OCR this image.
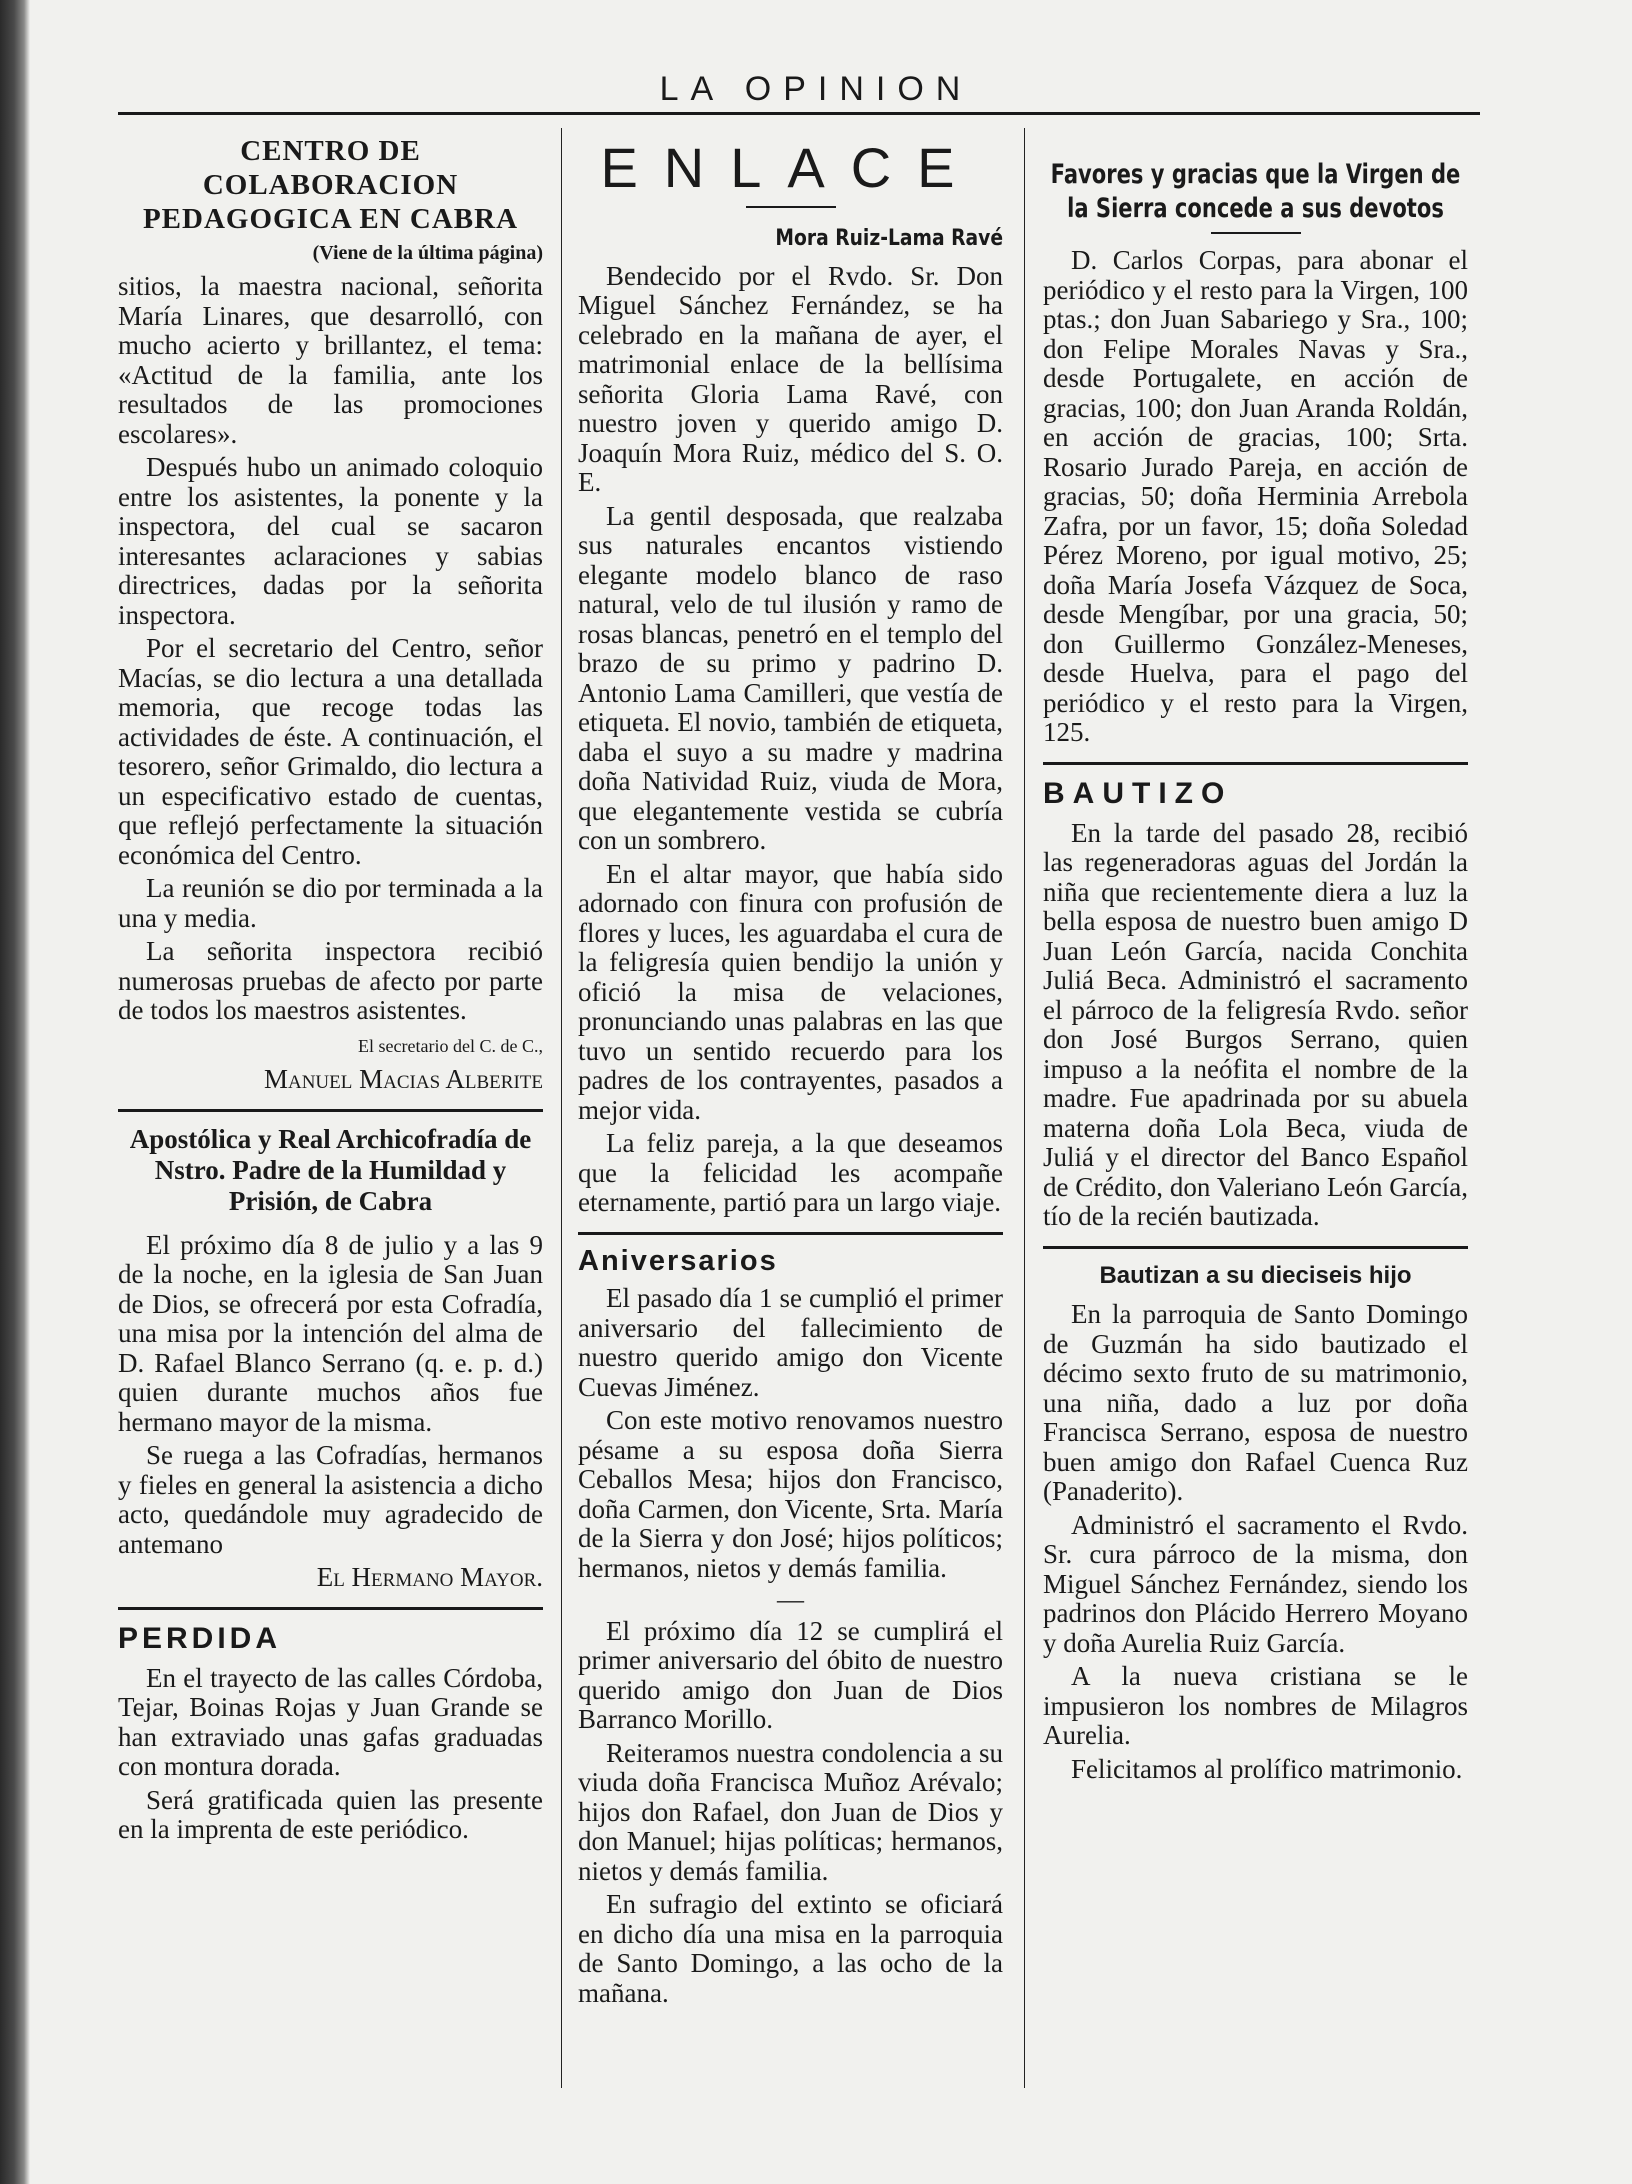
LA OPINION
CENTRO DE COLABORACION PEDAGOGICA EN CABRA
(Viene de la última página)

sitios, la maestra nacional, señorita María Linares, que desarrolló, con mucho acierto y brillantez, el tema: «Actitud de la familia, ante los resultados de las promociones escolares».

Después hubo un animado coloquio entre los asistentes, la ponente y la inspectora, del cual se sacaron interesantes aclaraciones y sabias directrices, dadas por la señorita inspectora.

Por el secretario del Centro, señor Macías, se dio lectura a una detallada memoria, que recoge todas las actividades de éste. A continuación, el tesorero, señor Grimaldo, dio lectura a un especificativo estado de cuentas, que reflejó perfectamente la situación económica del Centro.

La reunión se dio por terminada a la una y media.

La señorita inspectora recibió numerosas pruebas de afecto por parte de todos los maestros asistentes.

El secretario del C. de C.,
Manuel Macias Alberite
Apostólica y Real Archicofradía de Nstro. Padre de la Humildad y Prisión, de Cabra

El próximo día 8 de julio y a las 9 de la noche, en la iglesia de San Juan de Dios, se ofrecerá por esta Cofradía, una misa por la intención del alma de D. Rafael Blanco Serrano (q. e. p. d.) quien durante muchos años fue hermano mayor de la misma.

Se ruega a las Cofradías, hermanos y fieles en general la asistencia a dicho acto, quedándole muy agradecido de antemano

El Hermano Mayor.
PERDIDA

En el trayecto de las calles Córdoba, Tejar, Boinas Rojas y Juan Grande se han extraviado unas gafas graduadas con montura dorada.

Será gratificada quien las presente en la imprenta de este periódico.

ENLACE
Mora Ruiz-Lama Ravé

Bendecido por el Rvdo. Sr. Don Miguel Sánchez Fernández, se ha celebrado en la mañana de ayer, el matrimonial enlace de la bellísima señorita Gloria Lama Ravé, con nuestro joven y querido amigo D. Joaquín Mora Ruiz, médico del S. O. E.

La gentil desposada, que realzaba sus naturales encantos vistiendo elegante modelo blanco de raso natural, velo de tul ilusión y ramo de rosas blancas, penetró en el templo del brazo de su primo y padrino D. Antonio Lama Camilleri, que vestía de etiqueta. El novio, también de etiqueta, daba el suyo a su madre y madrina doña Natividad Ruiz, viuda de Mora, que elegantemente vestida se cubría con un sombrero.

En el altar mayor, que había sido adornado con finura con profusión de flores y luces, les aguardaba el cura de la feligresía quien bendijo la unión y ofició la misa de velaciones, pronunciando unas palabras en las que tuvo un sentido recuerdo para los padres de los contrayentes, pasados a mejor vida.

La feliz pareja, a la que deseamos que la felicidad les acompañe eternamente, partió para un largo viaje.

Aniversarios

El pasado día 1 se cumplió el primer aniversario del fallecimiento de nuestro querido amigo don Vicente Cuevas Jiménez.

Con este motivo renovamos nuestro pésame a su esposa doña Sierra Ceballos Mesa; hijos don Francisco, doña Carmen, don Vicente, Srta. María de la Sierra y don José; hijos políticos; hermanos, nietos y demás familia.

—

El próximo día 12 se cumplirá el primer aniversario del óbito de nuestro querido amigo don Juan de Dios Barranco Morillo.

Reiteramos nuestra condolencia a su viuda doña Francisca Muñoz Arévalo; hijos don Rafael, don Juan de Dios y don Manuel; hijas políticas; hermanos, nietos y demás familia.

En sufragio del extinto se oficiará en dicho día una misa en la parroquia de Santo Domingo, a las ocho de la mañana.

Favores y gracias que la Virgen de la Sierra concede a sus devotos

D. Carlos Corpas, para abonar el periódico y el resto para la Virgen, 100 ptas.; don Juan Sabariego y Sra., 100; don Felipe Morales Navas y Sra., desde Portugalete, en acción de gracias, 100; don Juan Aranda Roldán, en acción de gracias, 100; Srta. Rosario Jurado Pareja, en acción de gracias, 50; doña Herminia Arrebola Zafra, por un favor, 15; doña Soledad Pérez Moreno, por igual motivo, 25; doña María Josefa Vázquez de Soca, desde Mengíbar, por una gracia, 50; don Guillermo González-Meneses, desde Huelva, para el pago del periódico y el resto para la Virgen, 125.

BAUTIZO

En la tarde del pasado 28, recibió las regeneradoras aguas del Jordán la niña que recientemente diera a luz la bella esposa de nuestro buen amigo D Juan León García, nacida Conchita Juliá Beca. Administró el sacramento el párroco de la feligresía Rvdo. señor don José Burgos Serrano, quien impuso a la neófita el nombre de la madre. Fue apadrinada por su abuela materna doña Lola Beca, viuda de Juliá y el director del Banco Español de Crédito, don Valeriano León García, tío de la recién bautizada.

Bautizan a su dieciseis hijo

En la parroquia de Santo Domingo de Guzmán ha sido bautizado el décimo sexto fruto de su matrimonio, una niña, dado a luz por doña Francisca Serrano, esposa de nuestro buen amigo don Rafael Cuenca Ruz (Panaderito).

Administró el sacramento el Rvdo. Sr. cura párroco de la misma, don Miguel Sánchez Fernández, siendo los padrinos don Plácido Herrero Moyano y doña Aurelia Ruiz García.

A la nueva cristiana se le impusieron los nombres de Milagros Aurelia.

Felicitamos al prolífico matrimonio.
